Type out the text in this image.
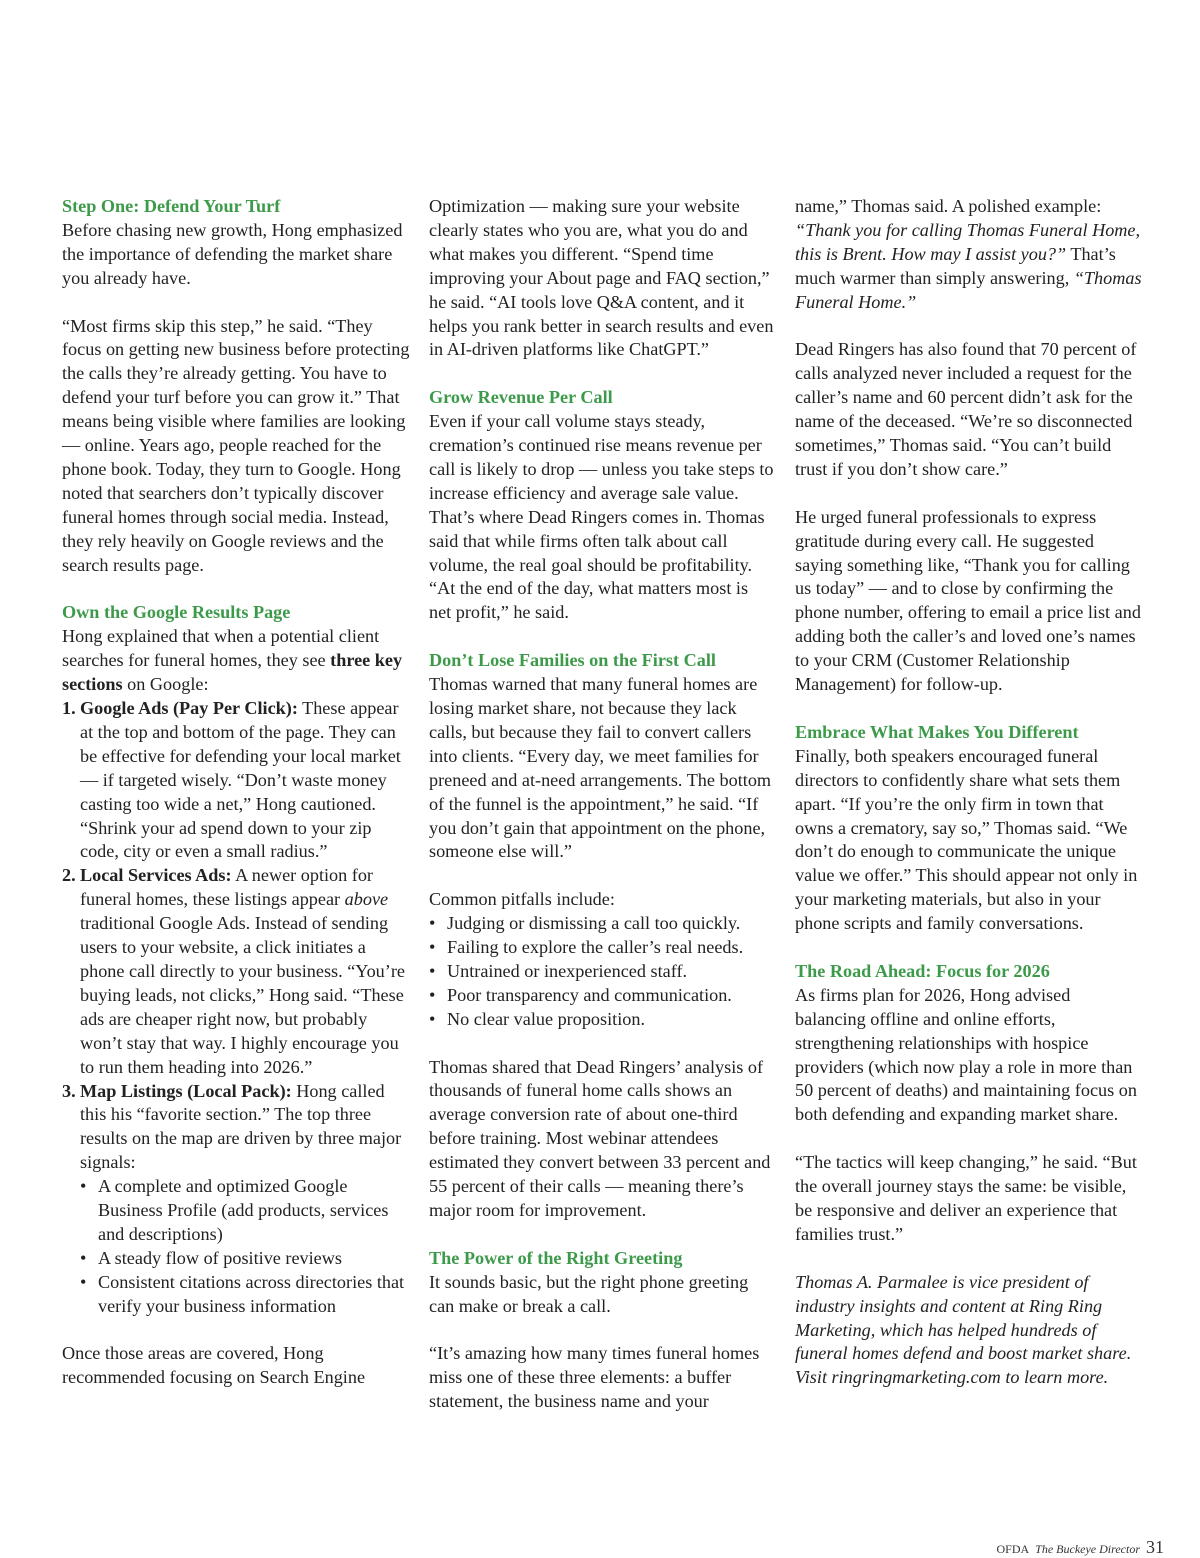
Step One: Defend Your Turf

Before chasing new growth, Hong emphasized the importance of defending the market share you already have.

“Most firms skip this step,” he said. “They focus on getting new business before protecting the calls they’re already getting. You have to defend your turf before you can grow it.” That means being visible where families are looking — online. Years ago, people reached for the phone book. Today, they turn to Google. Hong noted that searchers don’t typically discover funeral homes through social media. Instead, they rely heavily on Google reviews and the search results page.

Own the Google Results Page

Hong explained that when a potential client searches for funeral homes, they see three key sections on Google:

1. Google Ads (Pay Per Click): These appear at the top and bottom of the page. They can be effective for defending your local market — if targeted wisely. “Don’t waste money casting too wide a net,” Hong cautioned. “Shrink your ad spend down to your zip code, city or even a small radius.”
2. Local Services Ads: A newer option for funeral homes, these listings appear above traditional Google Ads. Instead of sending users to your website, a click initiates a phone call directly to your business. “You’re buying leads, not clicks,” Hong said. “These ads are cheaper right now, but probably won’t stay that way. I highly encourage you to run them heading into 2026.”
3. Map Listings (Local Pack): Hong called this his “favorite section.” The top three results on the map are driven by three major signals:
• A complete and optimized Google Business Profile (add products, services and descriptions)
• A steady flow of positive reviews
• Consistent citations across directories that verify your business information

Once those areas are covered, Hong recommended focusing on Search Engine

Optimization — making sure your website clearly states who you are, what you do and what makes you different. “Spend time improving your About page and FAQ section,” he said. “AI tools love Q&A content, and it helps you rank better in search results and even in AI-driven platforms like ChatGPT.”

Grow Revenue Per Call

Even if your call volume stays steady, cremation’s continued rise means revenue per call is likely to drop — unless you take steps to increase efficiency and average sale value. That’s where Dead Ringers comes in. Thomas said that while firms often talk about call volume, the real goal should be profitability. “At the end of the day, what matters most is net profit,” he said.

Don’t Lose Families on the First Call

Thomas warned that many funeral homes are losing market share, not because they lack calls, but because they fail to convert callers into clients. “Every day, we meet families for preneed and at-need arrangements. The bottom of the funnel is the appointment,” he said. “If you don’t gain that appointment on the phone, someone else will.”

Common pitfalls include:

• Judging or dismissing a call too quickly.
• Failing to explore the caller’s real needs.
• Untrained or inexperienced staff.
• Poor transparency and communication.
• No clear value proposition.

Thomas shared that Dead Ringers’ analysis of thousands of funeral home calls shows an average conversion rate of about one-third before training. Most webinar attendees estimated they convert between 33 percent and 55 percent of their calls — meaning there’s major room for improvement.

The Power of the Right Greeting

It sounds basic, but the right phone greeting can make or break a call.

“It’s amazing how many times funeral homes miss one of these three elements: a buffer statement, the business name and your

name,” Thomas said. A polished example: “Thank you for calling Thomas Funeral Home, this is Brent. How may I assist you?” That’s much warmer than simply answering, “Thomas Funeral Home.”

Dead Ringers has also found that 70 percent of calls analyzed never included a request for the caller’s name and 60 percent didn’t ask for the name of the deceased. “We’re so disconnected sometimes,” Thomas said. “You can’t build trust if you don’t show care.”

He urged funeral professionals to express gratitude during every call. He suggested saying something like, “Thank you for calling us today” — and to close by confirming the phone number, offering to email a price list and adding both the caller’s and loved one’s names to your CRM (Customer Relationship Management) for follow-up.

Embrace What Makes You Different

Finally, both speakers encouraged funeral directors to confidently share what sets them apart. “If you’re the only firm in town that owns a crematory, say so,” Thomas said. “We don’t do enough to communicate the unique value we offer.” This should appear not only in your marketing materials, but also in your phone scripts and family conversations.

The Road Ahead: Focus for 2026

As firms plan for 2026, Hong advised balancing offline and online efforts, strengthening relationships with hospice providers (which now play a role in more than 50 percent of deaths) and maintaining focus on both defending and expanding market share.

“The tactics will keep changing,” he said. “But the overall journey stays the same: be visible, be responsive and deliver an experience that families trust.”

Thomas A. Parmalee is vice president of industry insights and content at Ring Ring Marketing, which has helped hundreds of funeral homes defend and boost market share. Visit ringringmarketing.com to learn more.

OFDA The Buckeye Director 31
